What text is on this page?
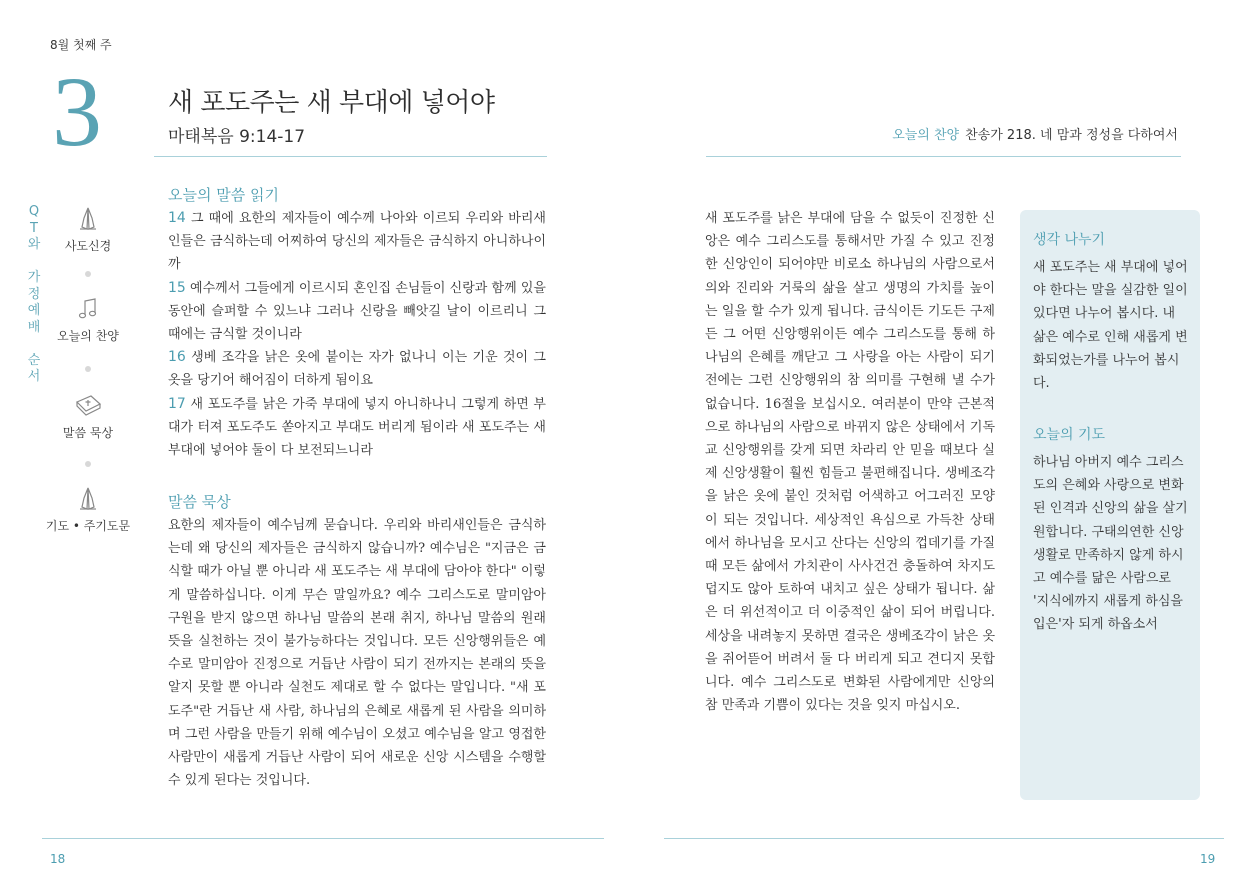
8월 첫째 주
3	새 포도주는 새 부대에 넣어야
마태복음 9:14-17
Q
T
와

가
정
예
배

순
서
사도신경
오늘의 찬양
말씀 묵상
기도 • 주기도문
오늘의 말씀 읽기
14 그 때에 요한의 제자들이 예수께 나아와 이르되 우리와 바리새인들은 금식하는데 어찌하여 당신의 제자들은 금식하지 아니하나이까
15 예수께서 그들에게 이르시되 혼인집 손님들이 신랑과 함께 있을 동안에 슬퍼할 수 있느냐 그러나 신랑을 빼앗길 날이 이르리니 그 때에는 금식할 것이니라
16 생베 조각을 낡은 옷에 붙이는 자가 없나니 이는 기운 것이 그 옷을 당기어 해어짐이 더하게 됨이요
17 새 포도주를 낡은 가죽 부대에 넣지 아니하나니 그렇게 하면 부대가 터져 포도주도 쏟아지고 부대도 버리게 됨이라 새 포도주는 새 부대에 넣어야 둘이 다 보전되느니라
말씀 묵상
요한의 제자들이 예수님께 묻습니다. 우리와 바리새인들은 금식하는데 왜 당신의 제자들은 금식하지 않습니까? 예수님은 "지금은 금식할 때가 아닐 뿐 아니라 새 포도주는 새 부대에 담아야 한다" 이렇게 말씀하십니다. 이게 무슨 말일까요? 예수 그리스도로 말미암아 구원을 받지 않으면 하나님 말씀의 본래 취지, 하나님 말씀의 원래 뜻을 실천하는 것이 불가능하다는 것입니다. 모든 신앙행위들은 예수로 말미암아 진정으로 거듭난 사람이 되기 전까지는 본래의 뜻을 알지 못할 뿐 아니라 실천도 제대로 할 수 없다는 말입니다. "새 포도주"란 거듭난 새 사람, 하나님의 은혜로 새롭게 된 사람을 의미하며 그런 사람을 만들기 위해 예수님이 오셨고 예수님을 알고 영접한 사람만이 새롭게 거듭난 사람이 되어 새로운 신앙 시스템을 수행할 수 있게 된다는 것입니다.
18
오늘의 찬양 찬송가 218. 네 맘과 정성을 다하여서
새 포도주를 낡은 부대에 담을 수 없듯이 진정한 신앙은 예수 그리스도를 통해서만 가질 수 있고 진정한 신앙인이 되어야만 비로소 하나님의 사람으로서 의와 진리와 거룩의 삶을 살고 생명의 가치를 높이는 일을 할 수가 있게 됩니다. 금식이든 기도든 구제든 그 어떤 신앙행위이든 예수 그리스도를 통해 하나님의 은혜를 깨닫고 그 사랑을 아는 사람이 되기 전에는 그런 신앙행위의 참 의미를 구현해 낼 수가 없습니다. 16절을 보십시오. 여러분이 만약 근본적으로 하나님의 사람으로 바뀌지 않은 상태에서 기독교 신앙행위를 갖게 되면 차라리 안 믿을 때보다 실제 신앙생활이 훨씬 힘들고 불편해집니다. 생베조각을 낡은 옷에 붙인 것처럼 어색하고 어그러진 모양이 되는 것입니다. 세상적인 욕심으로 가득찬 상태에서 하나님을 모시고 산다는 신앙의 껍데기를 가질 때 모든 삶에서 가치관이 사사건건 충돌하여 차지도 덥지도 않아 토하여 내치고 싶은 상태가 됩니다. 삶은 더 위선적이고 더 이중적인 삶이 되어 버립니다. 세상을 내려놓지 못하면 결국은 생베조각이 낡은 옷을 쥐어뜯어 버려서 둘 다 버리게 되고 견디지 못합니다. 예수 그리스도로 변화된 사람에게만 신앙의 참 만족과 기쁨이 있다는 것을 잊지 마십시오.
생각 나누기
새 포도주는 새 부대에 넣어야 한다는 말을 실감한 일이 있다면 나누어 봅시다. 내 삶은 예수로 인해 새롭게 변화되었는가를 나누어 봅시다.
오늘의 기도
하나님 아버지 예수 그리스도의 은혜와 사랑으로 변화된 인격과 신앙의 삶을 살기 원합니다. 구태의연한 신앙생활로 만족하지 않게 하시고 예수를 닮은 사람으로 '지식에까지 새롭게 하심을 입은'자 되게 하옵소서
19
